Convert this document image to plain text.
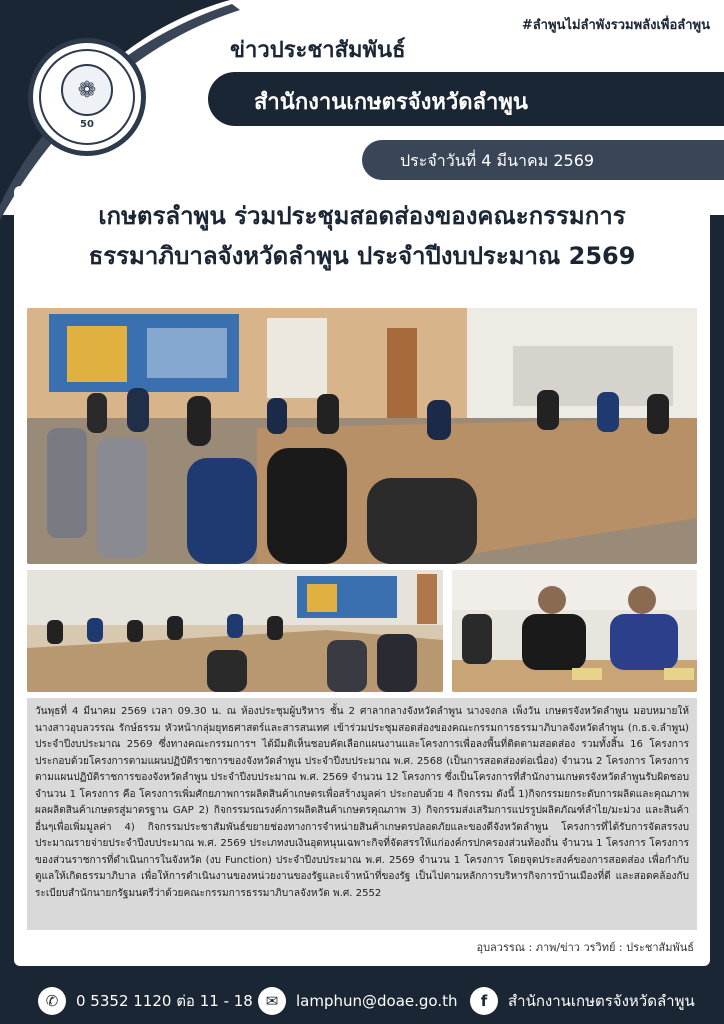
❁
50
#ลำพูนไม่ลำพังรวมพลังเพื่อลำพูน
ข่าวประชาสัมพันธ์
สำนักงานเกษตรจังหวัดลำพูน
ประจำวันที่ 4 มีนาคม 2569
เกษตรลำพูน ร่วมประชุมสอดส่องของคณะกรรมการ
ธรรมาภิบาลจังหวัดลำพูน ประจำปีงบประมาณ 2569

วันพุธที่ 4 มีนาคม 2569 เวลา 09.30 น. ณ ห้องประชุมผู้บริหาร ชั้น 2 ศาลากลางจังหวัดลำพูน นางจงกล เพ็งวัน เกษตรจังหวัดลำพูน มอบหมายให้นางสาวอุบลวรรณ รักษ์ธรรม หัวหน้ากลุ่มยุทธศาสตร์และสารสนเทศ เข้าร่วมประชุมสอดส่องของคณะกรรมการธรรมาภิบาลจังหวัดลำพูน (ก.ธ.จ.ลำพูน) ประจำปีงบประมาณ 2569 ซึ่งทางคณะกรรมการฯ ได้มีมติเห็นชอบคัดเลือกแผนงานและโครงการเพื่อลงพื้นที่ติดตามสอดส่อง รวมทั้งสิ้น 16 โครงการ ประกอบด้วยโครงการตามแผนปฏิบัติราชการของจังหวัดลำพูน ประจำปีงบประมาณ พ.ศ. 2568 (เป็นการสอดส่องต่อเนื่อง) จำนวน 2 โครงการ โครงการตามแผนปฏิบัติราชการของจังหวัดลำพูน ประจำปีงบประมาณ พ.ศ. 2569 จำนวน 12 โครงการ ซึ่งเป็นโครงการที่สำนักงานเกษตรจังหวัดลำพูนรับผิดชอบ จำนวน 1 โครงการ คือ โครงการเพิ่มศักยภาพการผลิตสินค้าเกษตรเพื่อสร้างมูลค่า ประกอบด้วย 4 กิจกรรม ดังนี้ 1)กิจกรรมยกระดับการผลิตและคุณภาพผลผลิตสินค้าเกษตรสู่มาตรฐาน GAP 2) กิจกรรมรณรงค์การผลิตสินค้าเกษตรคุณภาพ 3) กิจกรรมส่งเสริมการแปรรูปผลิตภัณฑ์ลำไย/มะม่วง และสินค้าอื่นๆเพื่อเพิ่มมูลค่า 4) กิจกรรมประชาสัมพันธ์ขยายช่องทางการจำหน่ายสินค้าเกษตรปลอดภัยและของดีจังหวัดลำพูน โครงการที่ได้รับการจัดสรรงบประมาณรายจ่ายประจำปีงบประมาณ พ.ศ. 2569 ประเภทงบเงินอุดหนุนเฉพาะกิจที่จัดสรรให้แก่องค์กรปกครองส่วนท้องถิ่น จำนวน 1 โครงการ โครงการของส่วนราชการที่ดำเนินการในจังหวัด (งบ Function) ประจำปีงบประมาณ พ.ศ. 2569 จำนวน 1 โครงการ โดยจุดประสงค์ของการสอดส่อง เพื่อกำกับดูแลให้เกิดธรรมาภิบาล เพื่อให้การดำเนินงานของหน่วยงานของรัฐและเจ้าหน้าที่ของรัฐ เป็นไปตามหลักการบริหารกิจการบ้านเมืองที่ดี และสอดคล้องกับระเบียบสำนักนายกรัฐมนตรีว่าด้วยคณะกรรมการธรรมาภิบาลจังหวัด พ.ศ. 2552

อุบลวรรณ : ภาพ/ข่าว วรวิทย์ : ประชาสัมพันธ์
✆	0 5352 1120 ต่อ 11 - 18 ✉	lamphun@doae.go.th	f	สำนักงานเกษตรจังหวัดลำพูน
